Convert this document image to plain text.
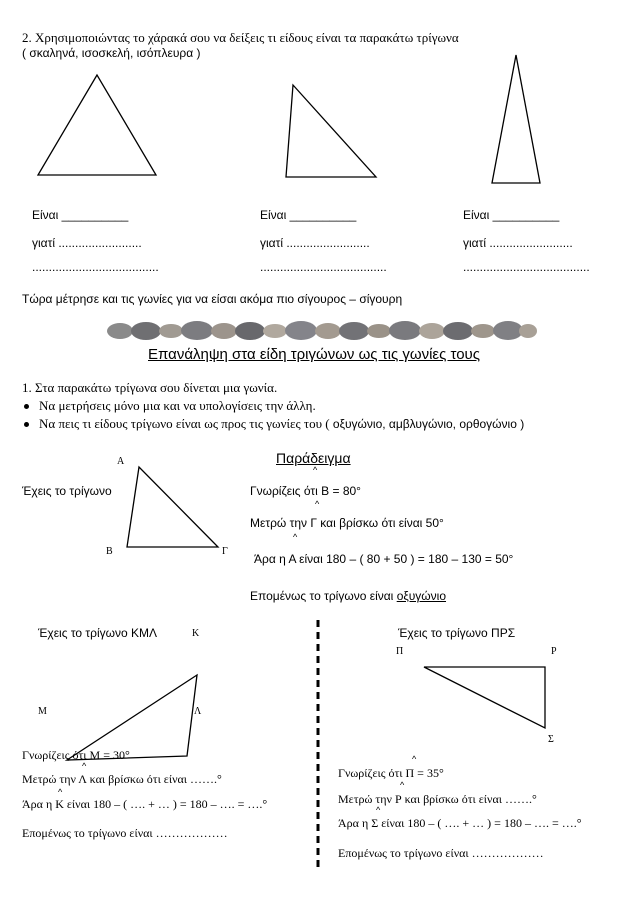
2. Χρησιμοποιώντας το χάρακά σου να δείξεις τι είδους είναι τα παρακάτω τρίγωνα
( σκαληνά, ισοσκελή, ισόπλευρα )
Είναι __________
γιατί .........................
......................................
Είναι __________
γιατί .........................
......................................
Είναι __________
γιατί .........................
......................................
Τώρα μέτρησε και τις γωνίες για να είσαι ακόμα πιο σίγουρος – σίγουρη
Επανάληψη στα είδη τριγώνων ως τις γωνίες τους
1. Στα παρακάτω τρίγωνα σου δίνεται μια γωνία.
Να μετρήσεις μόνο μια και να υπολογίσεις την άλλη.
Να πεις τι είδους τρίγωνο είναι ως προς τις γωνίες του ( οξυγώνιο, αμβλυγώνιο, ορθογώνιο )
Παράδειγμα
Α
Β	Γ
Έχεις το τρίγωνο
^
Γνωρίζεις ότι Β = 80°
^
Μετρώ την Γ και βρίσκω ότι είναι 50°
^
Άρα η Α είναι 180 – ( 80 + 50 ) = 180 – 130 = 50°
Επομένως το τρίγωνο είναι οξυγώνιο
Έχεις το τρίγωνο ΚΜΛ	Κ
Μ	Λ
Γνωρίζεις ότι Μ = 30°
^
Μετρώ την Λ και βρίσκω ότι είναι …….°
^
Άρα η Κ είναι 180 – ( …. + … ) = 180 – …. = ….°
Επομένως το τρίγωνο είναι ………………
Έχεις το τρίγωνο ΠΡΣ
Π	Ρ
Σ
^
Γνωρίζεις ότι Π = 35°
^
Μετρώ την Ρ και βρίσκω ότι είναι …….°
^
Άρα η Σ είναι 180 – ( …. + … ) = 180 – …. = ….°
Επομένως το τρίγωνο είναι ………………
